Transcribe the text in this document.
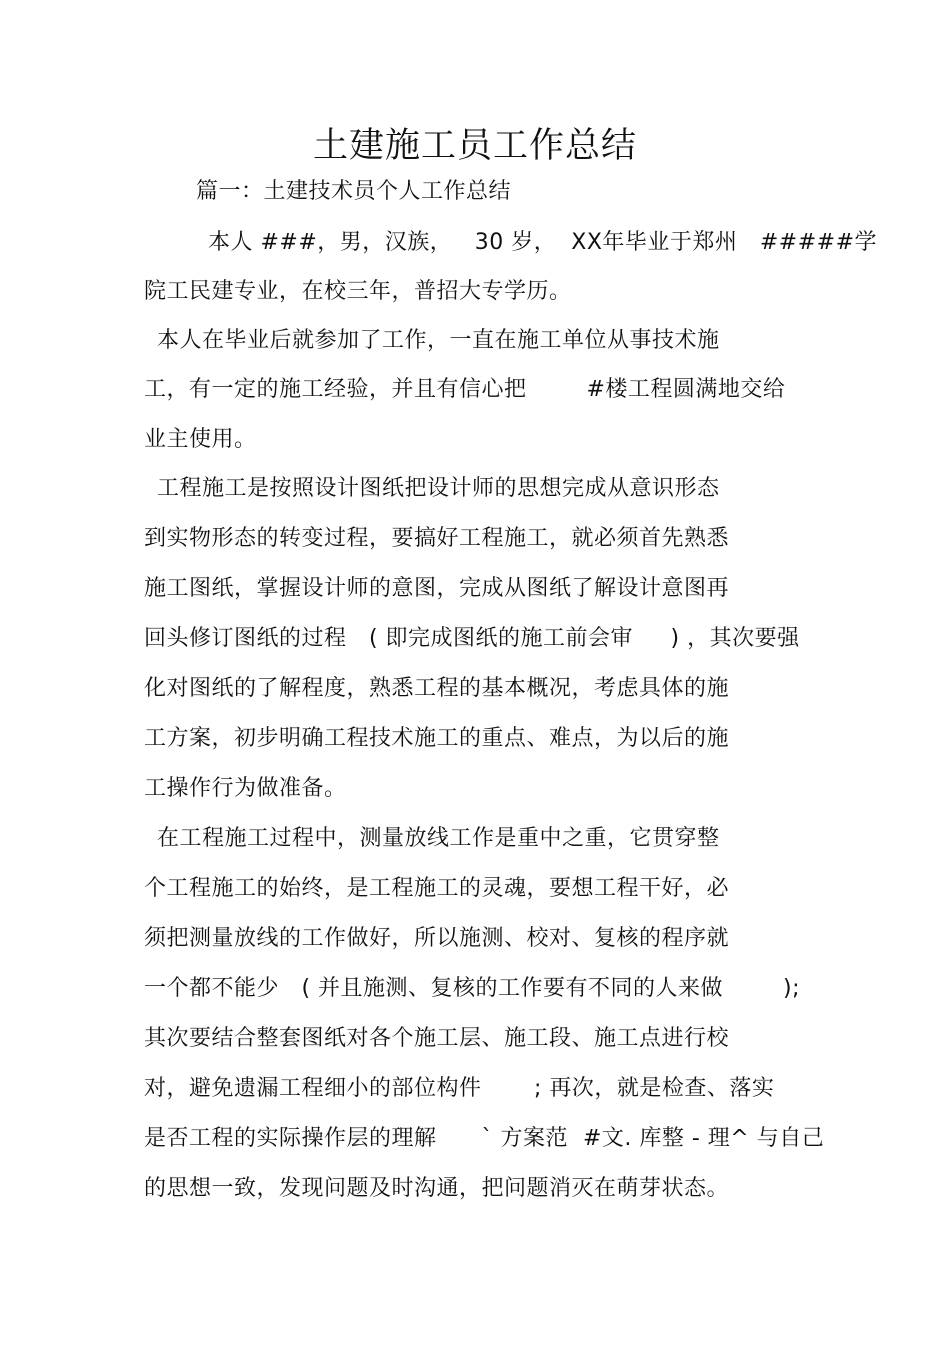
土建施工员工作总结
篇一：土建技术员个人工作总结
本人 ###，男，汉族，   30 岁，  XX年毕业于郑州   #####学
院工民建专业，在校三年，普招大专学历。
本人在毕业后就参加了工作，一直在施工单位从事技术施
工，有一定的施工经验，并且有信心把        #楼工程圆满地交给
业主使用。
工程施工是按照设计图纸把设计师的思想完成从意识形态
到实物形态的转变过程，要搞好工程施工，就必须首先熟悉
施工图纸，掌握设计师的意图，完成从图纸了解设计意图再
回头修订图纸的过程   ( 即完成图纸的施工前会审     ) ，其次要强
化对图纸的了解程度，熟悉工程的基本概况，考虑具体的施
工方案，初步明确工程技术施工的重点、难点，为以后的施
工操作行为做准备。
在工程施工过程中，测量放线工作是重中之重，它贯穿整
个工程施工的始终，是工程施工的灵魂，要想工程干好，必
须把测量放线的工作做好，所以施测、校对、复核的程序就
一个都不能少   ( 并且施测、复核的工作要有不同的人来做        );
其次要结合整套图纸对各个施工层、施工段、施工点进行校
对，避免遗漏工程细小的部位构件       ; 再次，就是检查、落实
是否工程的实际操作层的理解      ` 方案范  #文. 库整 - 理^ 与自己
的思想一致，发现问题及时沟通，把问题消灭在萌芽状态。
